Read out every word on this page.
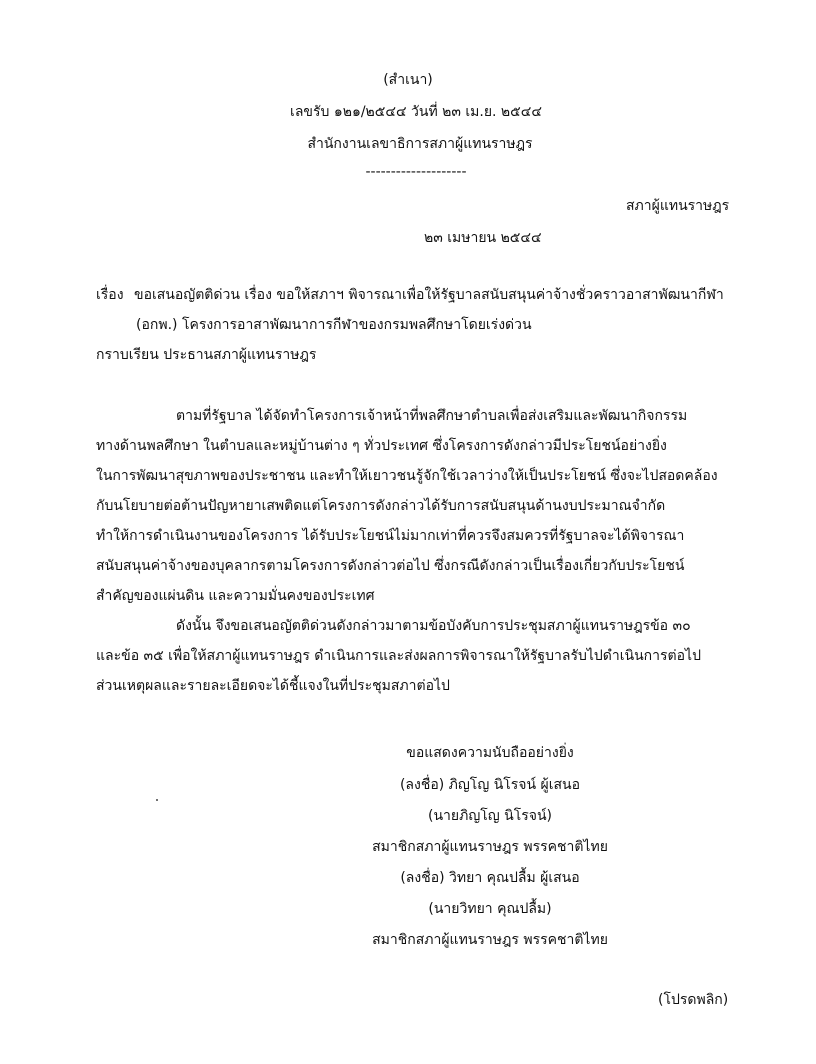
(สำเนา)
เลขรับ ๑๒๑/๒๕๔๔ วันที่ ๒๓ เม.ย. ๒๕๔๔
สำนักงานเลขาธิการสภาผู้แทนราษฎร
--------------------
สภาผู้แทนราษฎร
๒๓ เมษายน ๒๕๔๔
เรื่อง ขอเสนอญัตติด่วน เรื่อง ขอให้สภาฯ พิจารณาเพื่อให้รัฐบาลสนับสนุนค่าจ้างชั่วคราวอาสาพัฒนากีฬา
(อกพ.) โครงการอาสาพัฒนาการกีฬาของกรมพลศึกษาโดยเร่งด่วน
กราบเรียน ประธานสภาผู้แทนราษฎร
ตามที่รัฐบาล ได้จัดทำโครงการเจ้าหน้าที่พลศึกษาตำบลเพื่อส่งเสริมและพัฒนากิจกรรม
ทางด้านพลศึกษา ในตำบลและหมู่บ้านต่าง ๆ ทั่วประเทศ ซึ่งโครงการดังกล่าวมีประโยชน์อย่างยิ่ง
ในการพัฒนาสุขภาพของประชาชน และทำให้เยาวชนรู้จักใช้เวลาว่างให้เป็นประโยชน์ ซึ่งจะไปสอดคล้อง
กับนโยบายต่อต้านปัญหายาเสพติดแต่โครงการดังกล่าวได้รับการสนับสนุนด้านงบประมาณจำกัด
ทำให้การดำเนินงานของโครงการ ได้รับประโยชน์ไม่มากเท่าที่ควรจึงสมควรที่รัฐบาลจะได้พิจารณา
สนับสนุนค่าจ้างของบุคลากรตามโครงการดังกล่าวต่อไป ซึ่งกรณีดังกล่าวเป็นเรื่องเกี่ยวกับประโยชน์
สำคัญของแผ่นดิน และความมั่นคงของประเทศ
ดังนั้น จึงขอเสนอญัตติด่วนดังกล่าวมาตามข้อบังคับการประชุมสภาผู้แทนราษฎรข้อ ๓๐
และข้อ ๓๕ เพื่อให้สภาผู้แทนราษฎร ดำเนินการและส่งผลการพิจารณาให้รัฐบาลรับไปดำเนินการต่อไป
ส่วนเหตุผลและรายละเอียดจะได้ชี้แจงในที่ประชุมสภาต่อไป
ขอแสดงความนับถืออย่างยิ่ง
(ลงชื่อ) ภิญโญ นิโรจน์ ผู้เสนอ
(นายภิญโญ นิโรจน์)
สมาชิกสภาผู้แทนราษฎร พรรคชาติไทย
(ลงชื่อ) วิทยา คุณปลื้ม ผู้เสนอ
(นายวิทยา คุณปลื้ม)
สมาชิกสภาผู้แทนราษฎร พรรคชาติไทย
(โปรดพลิก)
